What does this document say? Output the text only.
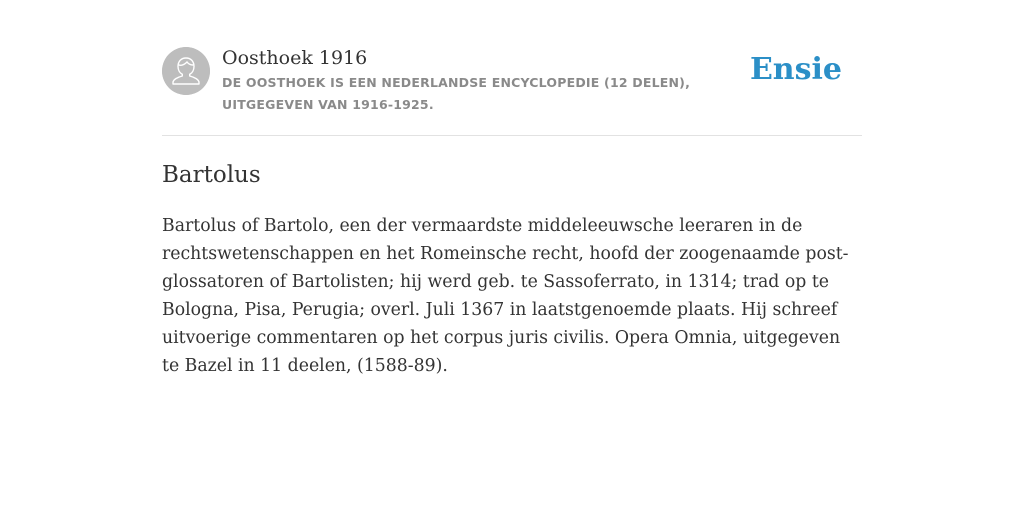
Oosthoek 1916
DE OOSTHOEK IS EEN NEDERLANDSE ENCYCLOPEDIE (12 DELEN), UITGEGEVEN VAN 1916-1925.
Ensie
Bartolus

Bartolus of Bartolo, een der vermaardste middeleeuwsche leeraren in de rechtswetenschappen en het Romeinsche recht, hoofd der zoogenaamde post-glossatoren of Bartolisten; hij werd geb. te Sassoferrato, in 1314; trad op te Bologna, Pisa, Perugia; overl. Juli 1367 in laatstgenoemde plaats. Hij schreef uitvoerige commentaren op het corpus juris civilis. Opera Omnia, uitgegeven te Bazel in 11 deelen, (1588-89).
